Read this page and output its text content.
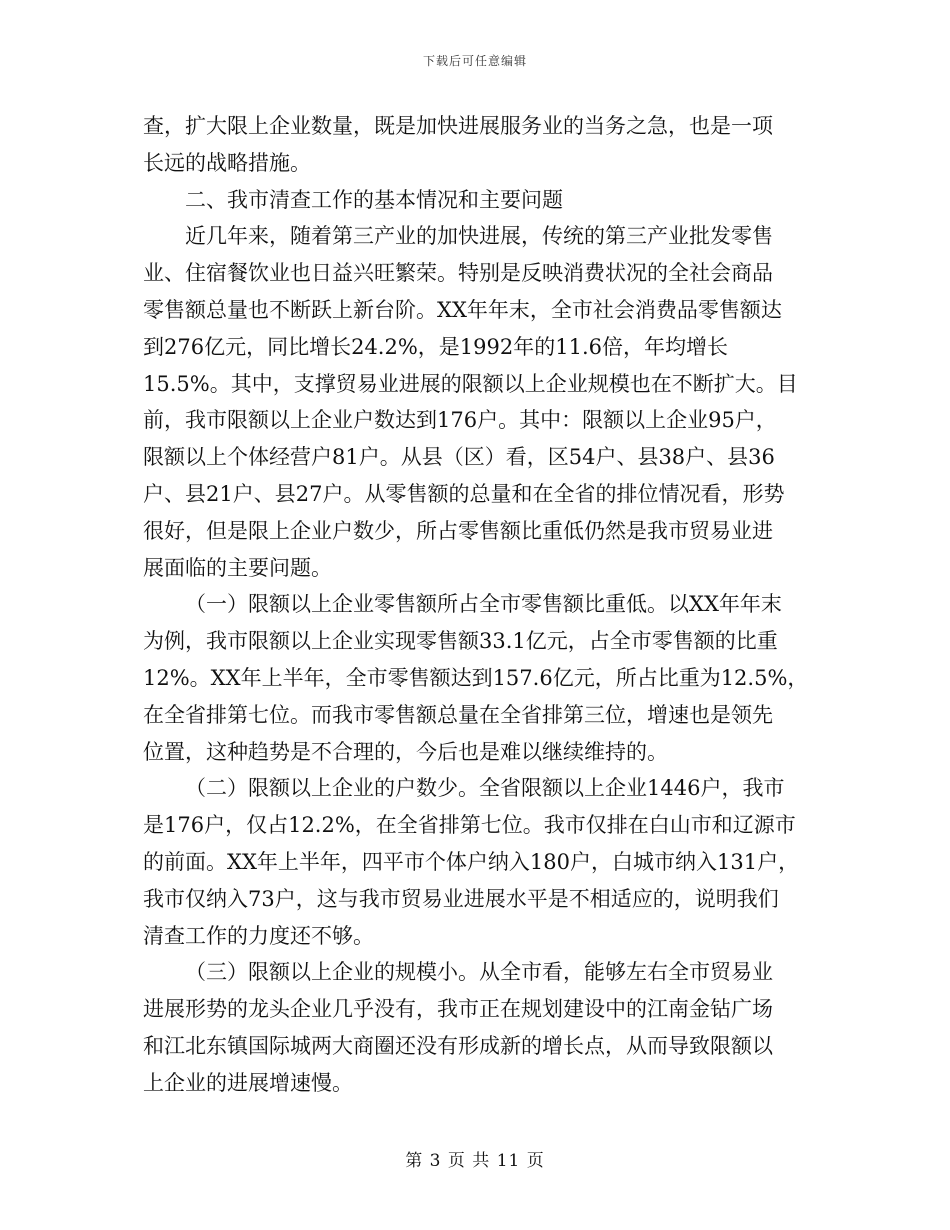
下载后可任意编辑
查，扩大限上企业数量，既是加快进展服务业的当务之急，也是一项
长远的战略措施。
二、我市清查工作的基本情况和主要问题
近几年来，随着第三产业的加快进展，传统的第三产业批发零售
业、住宿餐饮业也日益兴旺繁荣。特别是反映消费状况的全社会商品
零售额总量也不断跃上新台阶。XX年年末，全市社会消费品零售额达
到276亿元，同比增长24.2%，是1992年的11.6倍，年均增长
15.5%。其中，支撑贸易业进展的限额以上企业规模也在不断扩大。目
前，我市限额以上企业户数达到176户。其中：限额以上企业95户，
限额以上个体经营户81户。从县（区）看，区54户、县38户、县36
户、县21户、县27户。从零售额的总量和在全省的排位情况看，形势
很好，但是限上企业户数少，所占零售额比重低仍然是我市贸易业进
展面临的主要问题。
（一）限额以上企业零售额所占全市零售额比重低。以XX年年末
为例，我市限额以上企业实现零售额33.1亿元，占全市零售额的比重
12%。XX年上半年，全市零售额达到157.6亿元，所占比重为12.5%，
在全省排第七位。而我市零售额总量在全省排第三位，增速也是领先
位置，这种趋势是不合理的，今后也是难以继续维持的。
（二）限额以上企业的户数少。全省限额以上企业1446户，我市
是176户，仅占12.2%，在全省排第七位。我市仅排在白山市和辽源市
的前面。XX年上半年，四平市个体户纳入180户，白城市纳入131户，
我市仅纳入73户，这与我市贸易业进展水平是不相适应的，说明我们
清查工作的力度还不够。
（三）限额以上企业的规模小。从全市看，能够左右全市贸易业
进展形势的龙头企业几乎没有，我市正在规划建设中的江南金钻广场
和江北东镇国际城两大商圈还没有形成新的增长点，从而导致限额以
上企业的进展增速慢。
第 3 页 共 11 页
